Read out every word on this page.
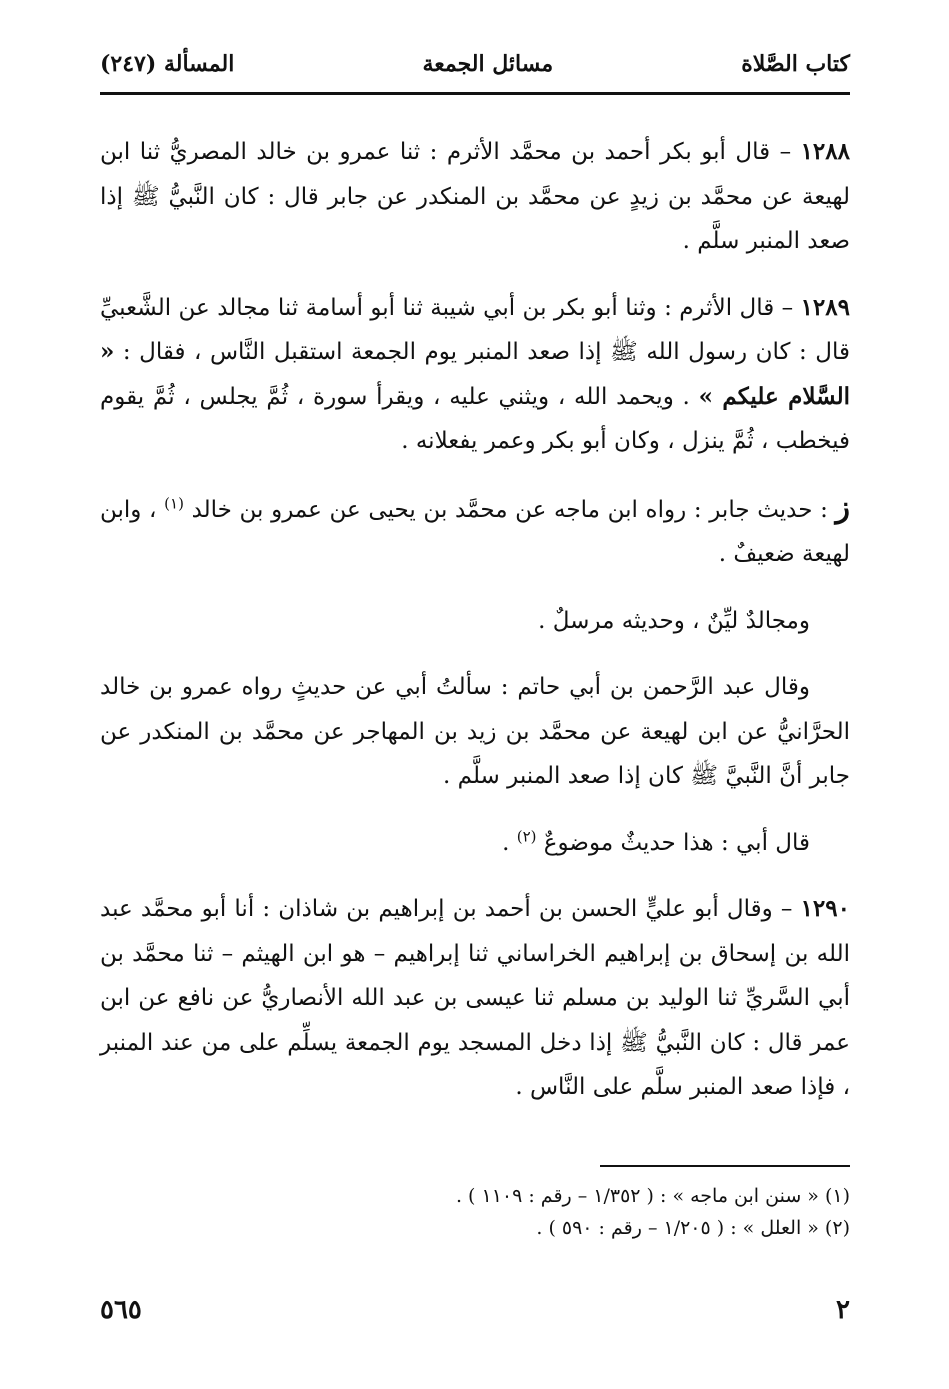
كتاب الصَّلاة
مسائل الجمعة
المسألة (٢٤٧)

١٢٨٨ – قال أبو بكر أحمد بن محمَّد الأثرم : ثنا عمرو بن خالد المصريُّ ثنا ابن لهيعة عن محمَّد بن زيدٍ عن محمَّد بن المنكدر عن جابر قال : كان النَّبيُّ ﷺ إذا صعد المنبر سلَّم .

١٢٨٩ – قال الأثرم : وثنا أبو بكر بن أبي شيبة ثنا أبو أسامة ثنا مجالد عن الشَّعبيِّ قال : كان رسول الله ﷺ إذا صعد المنبر يوم الجمعة استقبل النَّاس ، فقال : « السَّلام عليكم » . ويحمد الله ، ويثني عليه ، ويقرأ سورة ، ثُمَّ يجلس ، ثُمَّ يقوم فيخطب ، ثُمَّ ينزل ، وكان أبو بكر وعمر يفعلانه .

ز : حديث جابر : رواه ابن ماجه عن محمَّد بن يحيى عن عمرو بن خالد $^{(١)}$ ، وابن لهيعة ضعيفٌ .

ومجالدٌ ليِّنٌ ، وحديثه مرسلٌ .

وقال عبد الرَّحمن بن أبي حاتم : سألتُ أبي عن حديثٍ رواه عمرو بن خالد الحرَّانيُّ عن ابن لهيعة عن محمَّد بن زيد بن المهاجر عن محمَّد بن المنكدر عن جابر أنَّ النَّبيَّ ﷺ كان إذا صعد المنبر سلَّم .

قال أبي : هذا حديثٌ موضوعٌ $^{(٢)}$ .

١٢٩٠ – وقال أبو عليٍّ الحسن بن أحمد بن إبراهيم بن شاذان : أنا أبو محمَّد عبد الله بن إسحاق بن إبراهيم الخراساني ثنا إبراهيم – هو ابن الهيثم – ثنا محمَّد بن أبي السَّريِّ ثنا الوليد بن مسلم ثنا عيسى بن عبد الله الأنصاريُّ عن نافع عن ابن عمر قال : كان النَّبيُّ ﷺ إذا دخل المسجد يوم الجمعة يسلِّم على من عند المنبر ، فإذا صعد المنبر سلَّم على النَّاس .

(١) « سنن ابن ماجه » : ( ١/٣٥٢ – رقم : ١١٠٩ ) .
(٢) « العلل » : ( ١/٢٠٥ – رقم : ٥٩٠ ) .
٢
٥٦٥
